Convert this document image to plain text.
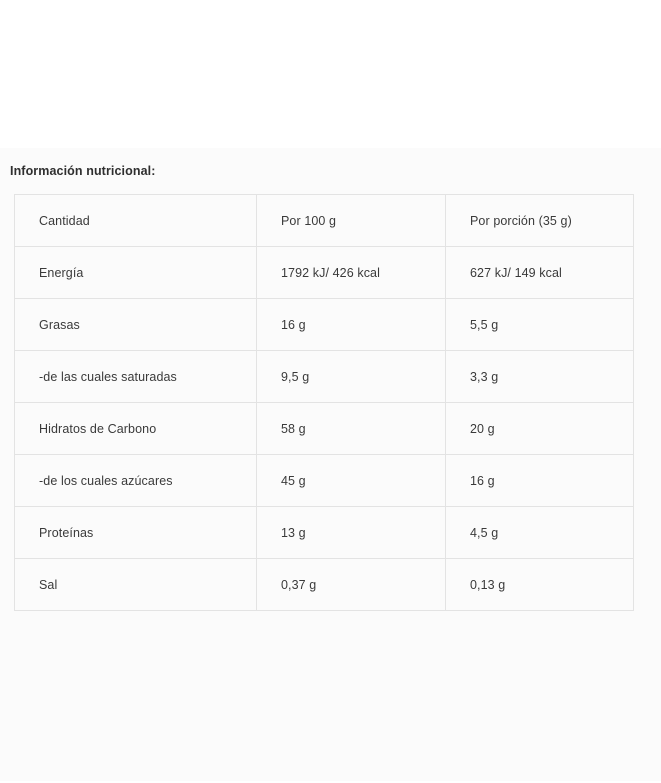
Información nutricional:
Cantidad	Por 100 g	Por porción (35 g)
Energía	1792 kJ/ 426 kcal	627 kJ/ 149 kcal
Grasas	16 g	5,5 g
-de las cuales saturadas	9,5 g	3,3 g
Hidratos de Carbono	58 g	20 g
-de los cuales azúcares	45 g	16 g
Proteínas	13 g	4,5 g
Sal	0,37 g	0,13 g
